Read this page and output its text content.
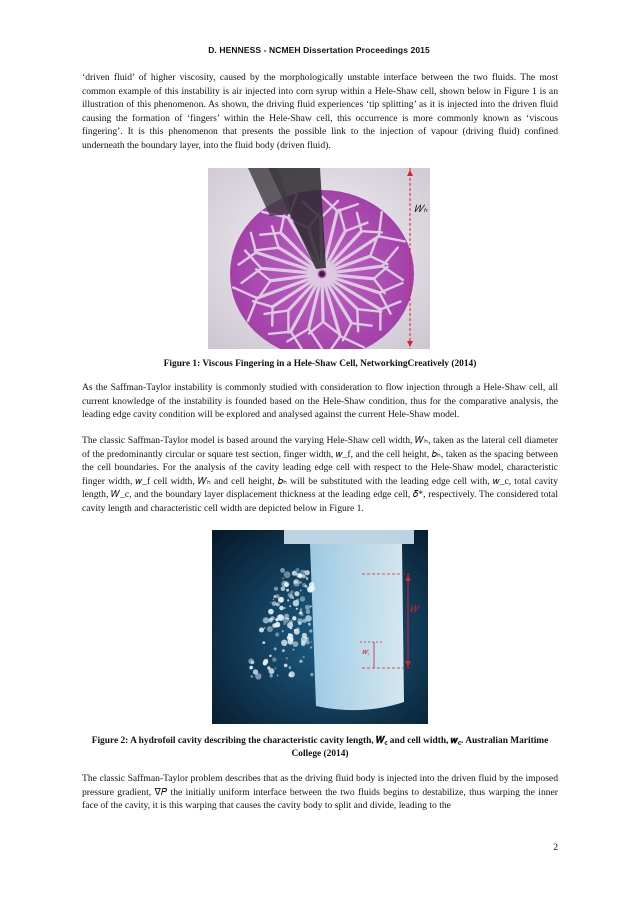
D. HENNESS - NCMEH Dissertation Proceedings 2015

‘driven fluid’ of higher viscosity, caused by the morphologically unstable interface between the two fluids. The most common example of this instability is air injected into corn syrup within a Hele-Shaw cell, shown below in Figure 1 is an illustration of this phenomenon. As shown, the driving fluid experiences ‘tip splitting’ as it is injected into the driven fluid causing the formation of ‘fingers’ within the Hele-Shaw cell, this occurrence is more commonly known as ‘viscous fingering’. It is this phenomenon that presents the possible link to the injection of vapour (driving fluid) confined underneath the boundary layer, into the fluid body (driven fluid).

𝑊ₕ

Figure 1: Viscous Fingering in a Hele-Shaw Cell, NetworkingCreatively (2014)

As the Saffman-Taylor instability is commonly studied with consideration to flow injection through a Hele-Shaw cell, all current knowledge of the instability is founded based on the Hele-Shaw condition, thus for the comparative analysis, the leading edge cavity condition will be explored and analysed against the current Hele-Shaw model.

The classic Saffman-Taylor model is based around the varying Hele-Shaw cell width, 𝑊ₕ, taken as the lateral cell diameter of the predominantly circular or square test section, finger width, 𝑤_f, and the cell height, 𝑏ₕ, taken as the spacing between the cell boundaries. For the analysis of the cavity leading edge cell with respect to the Hele-Shaw model, characteristic finger width, 𝑤_f cell width, 𝑊ₕ and cell height, 𝑏ₕ will be substituted with the leading edge cell with, 𝑤_c, total cavity length, 𝑊_c, and the boundary layer displacement thickness at the leading edge cell, 𝛿*, respectively. The considered total cavity length and characteristic cell width are depicted below in Figure 1.

𝑊
𝑤꜀

Figure 2: A hydrofoil cavity describing the characteristic cavity length, 𝑾꜀ and cell width, 𝒘꜀. Australian Maritime College (2014)

The classic Saffman-Taylor problem describes that as the driving fluid body is injected into the driven fluid by the imposed pressure gradient, ∇𝑃 the initially uniform interface between the two fluids begins to destabilize, thus warping the inner face of the cavity, it is this warping that causes the cavity body to split and divide, leading to the

2
